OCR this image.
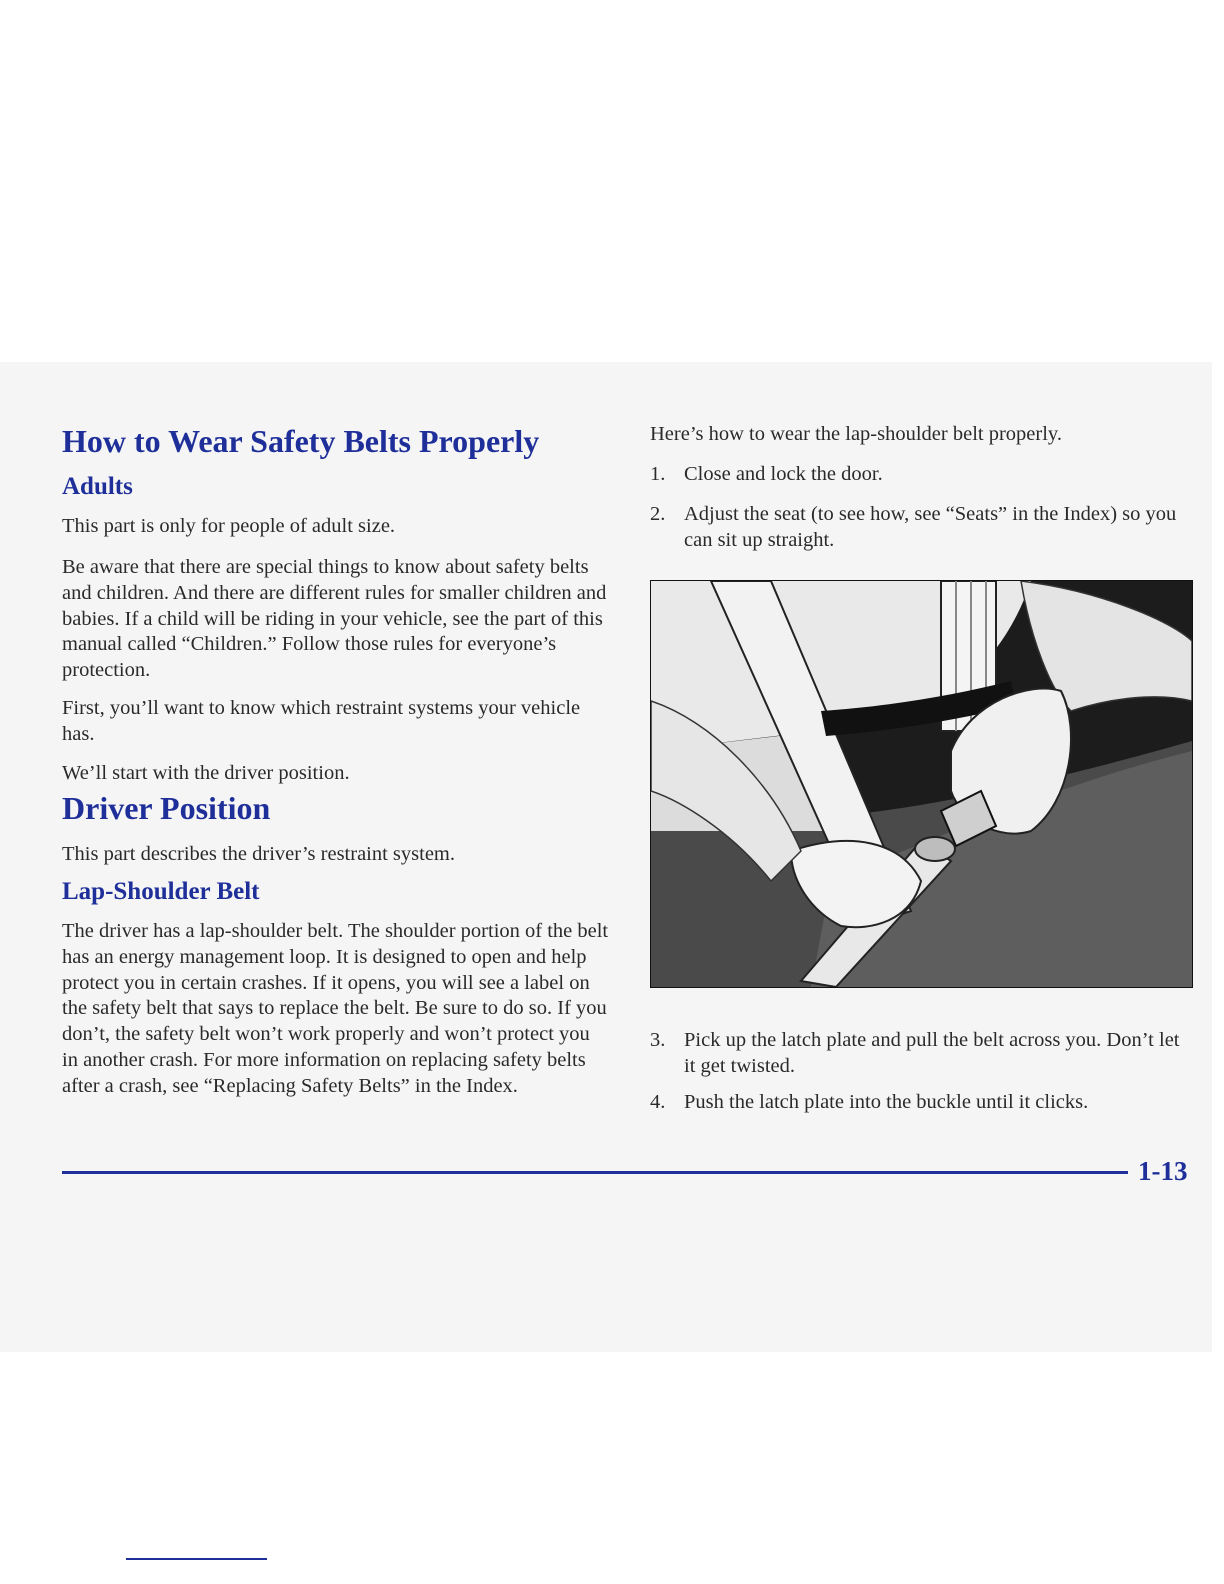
How to Wear Safety Belts Properly
Adults

This part is only for people of adult size.

Be aware that there are special things to know about safety belts and children. And there are different rules for smaller children and babies. If a child will be riding in your vehicle, see the part of this manual called “Children.” Follow those rules for everyone’s protection.

First, you’ll want to know which restraint systems your vehicle has.

We’ll start with the driver position.

Driver Position

This part describes the driver’s restraint system.

Lap-Shoulder Belt

The driver has a lap-shoulder belt. The shoulder portion of the belt has an energy management loop. It is designed to open and help protect you in certain crashes. If it opens, you will see a label on the safety belt that says to replace the belt. Be sure to do so. If you don’t, the safety belt won’t work properly and won’t protect you in another crash. For more information on replacing safety belts after a crash, see “Replacing Safety Belts” in the Index.

Here’s how to wear the lap-shoulder belt properly.

1. Close and lock the door.
2. Adjust the seat (to see how, see “Seats” in the Index) so you can sit up straight.
3. Pick up the latch plate and pull the belt across you. Don’t let it get twisted.
4. Push the latch plate into the buckle until it clicks.
1-13
